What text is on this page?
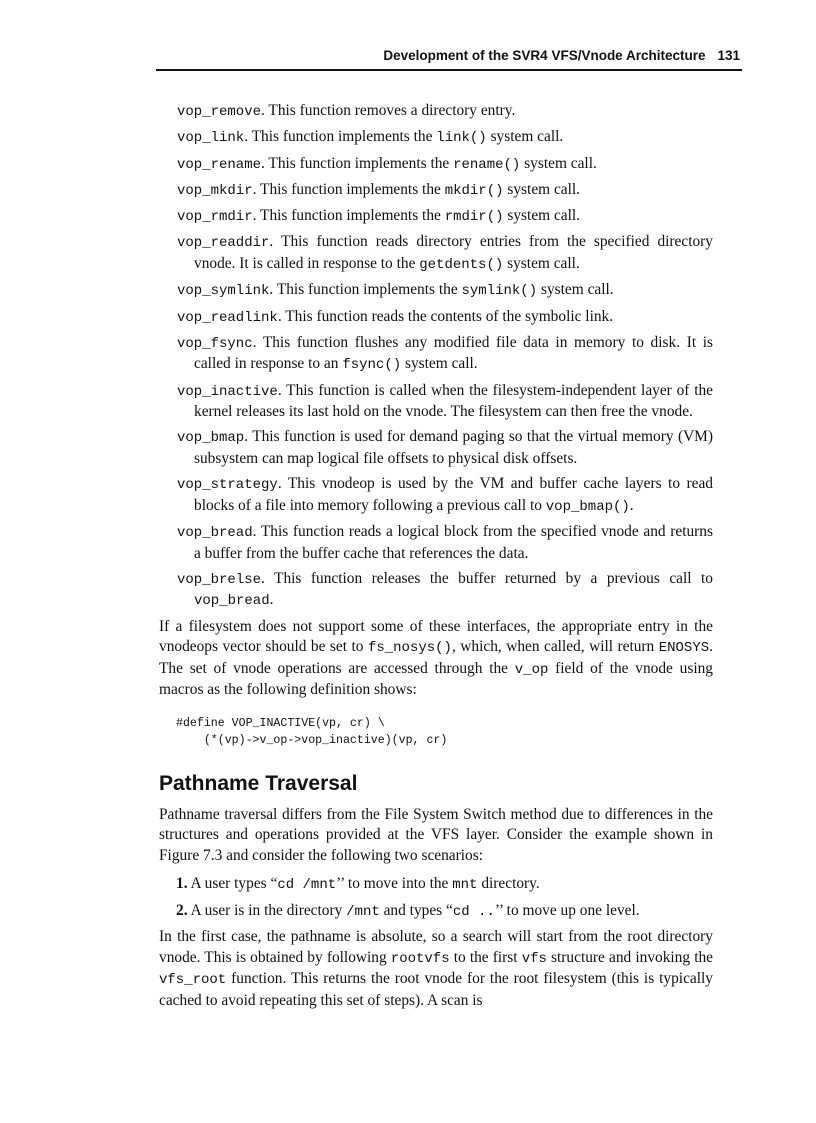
Development of the SVR4 VFS/Vnode Architecture 131
vop_remove. This function removes a directory entry.
vop_link. This function implements the link() system call.
vop_rename. This function implements the rename() system call.
vop_mkdir. This function implements the mkdir() system call.
vop_rmdir. This function implements the rmdir() system call.
vop_readdir. This function reads directory entries from the specified directory vnode. It is called in response to the getdents() system call.
vop_symlink. This function implements the symlink() system call.
vop_readlink. This function reads the contents of the symbolic link.
vop_fsync. This function flushes any modified file data in memory to disk. It is called in response to an fsync() system call.
vop_inactive. This function is called when the filesystem-independent layer of the kernel releases its last hold on the vnode. The filesystem can then free the vnode.
vop_bmap. This function is used for demand paging so that the virtual memory (VM) subsystem can map logical file offsets to physical disk offsets.
vop_strategy. This vnodeop is used by the VM and buffer cache layers to read blocks of a file into memory following a previous call to vop_bmap().
vop_bread. This function reads a logical block from the specified vnode and returns a buffer from the buffer cache that references the data.
vop_brelse. This function releases the buffer returned by a previous call to vop_bread.

If a filesystem does not support some of these interfaces, the appropriate entry in the vnodeops vector should be set to fs_nosys(), which, when called, will return ENOSYS. The set of vnode operations are accessed through the v_op field of the vnode using macros as the following definition shows:

#define VOP_INACTIVE(vp, cr) \
(*(vp)->v_op->vop_inactive)(vp, cr)
Pathname Traversal

Pathname traversal differs from the File System Switch method due to differences in the structures and operations provided at the VFS layer. Consider the example shown in Figure 7.3 and consider the following two scenarios:

1. A user types “cd /mnt’’ to move into the mnt directory.
2. A user is in the directory /mnt and types “cd ..’’ to move up one level.

In the first case, the pathname is absolute, so a search will start from the root directory vnode. This is obtained by following rootvfs to the first vfs structure and invoking the vfs_root function. This returns the root vnode for the root filesystem (this is typically cached to avoid repeating this set of steps). A scan is
